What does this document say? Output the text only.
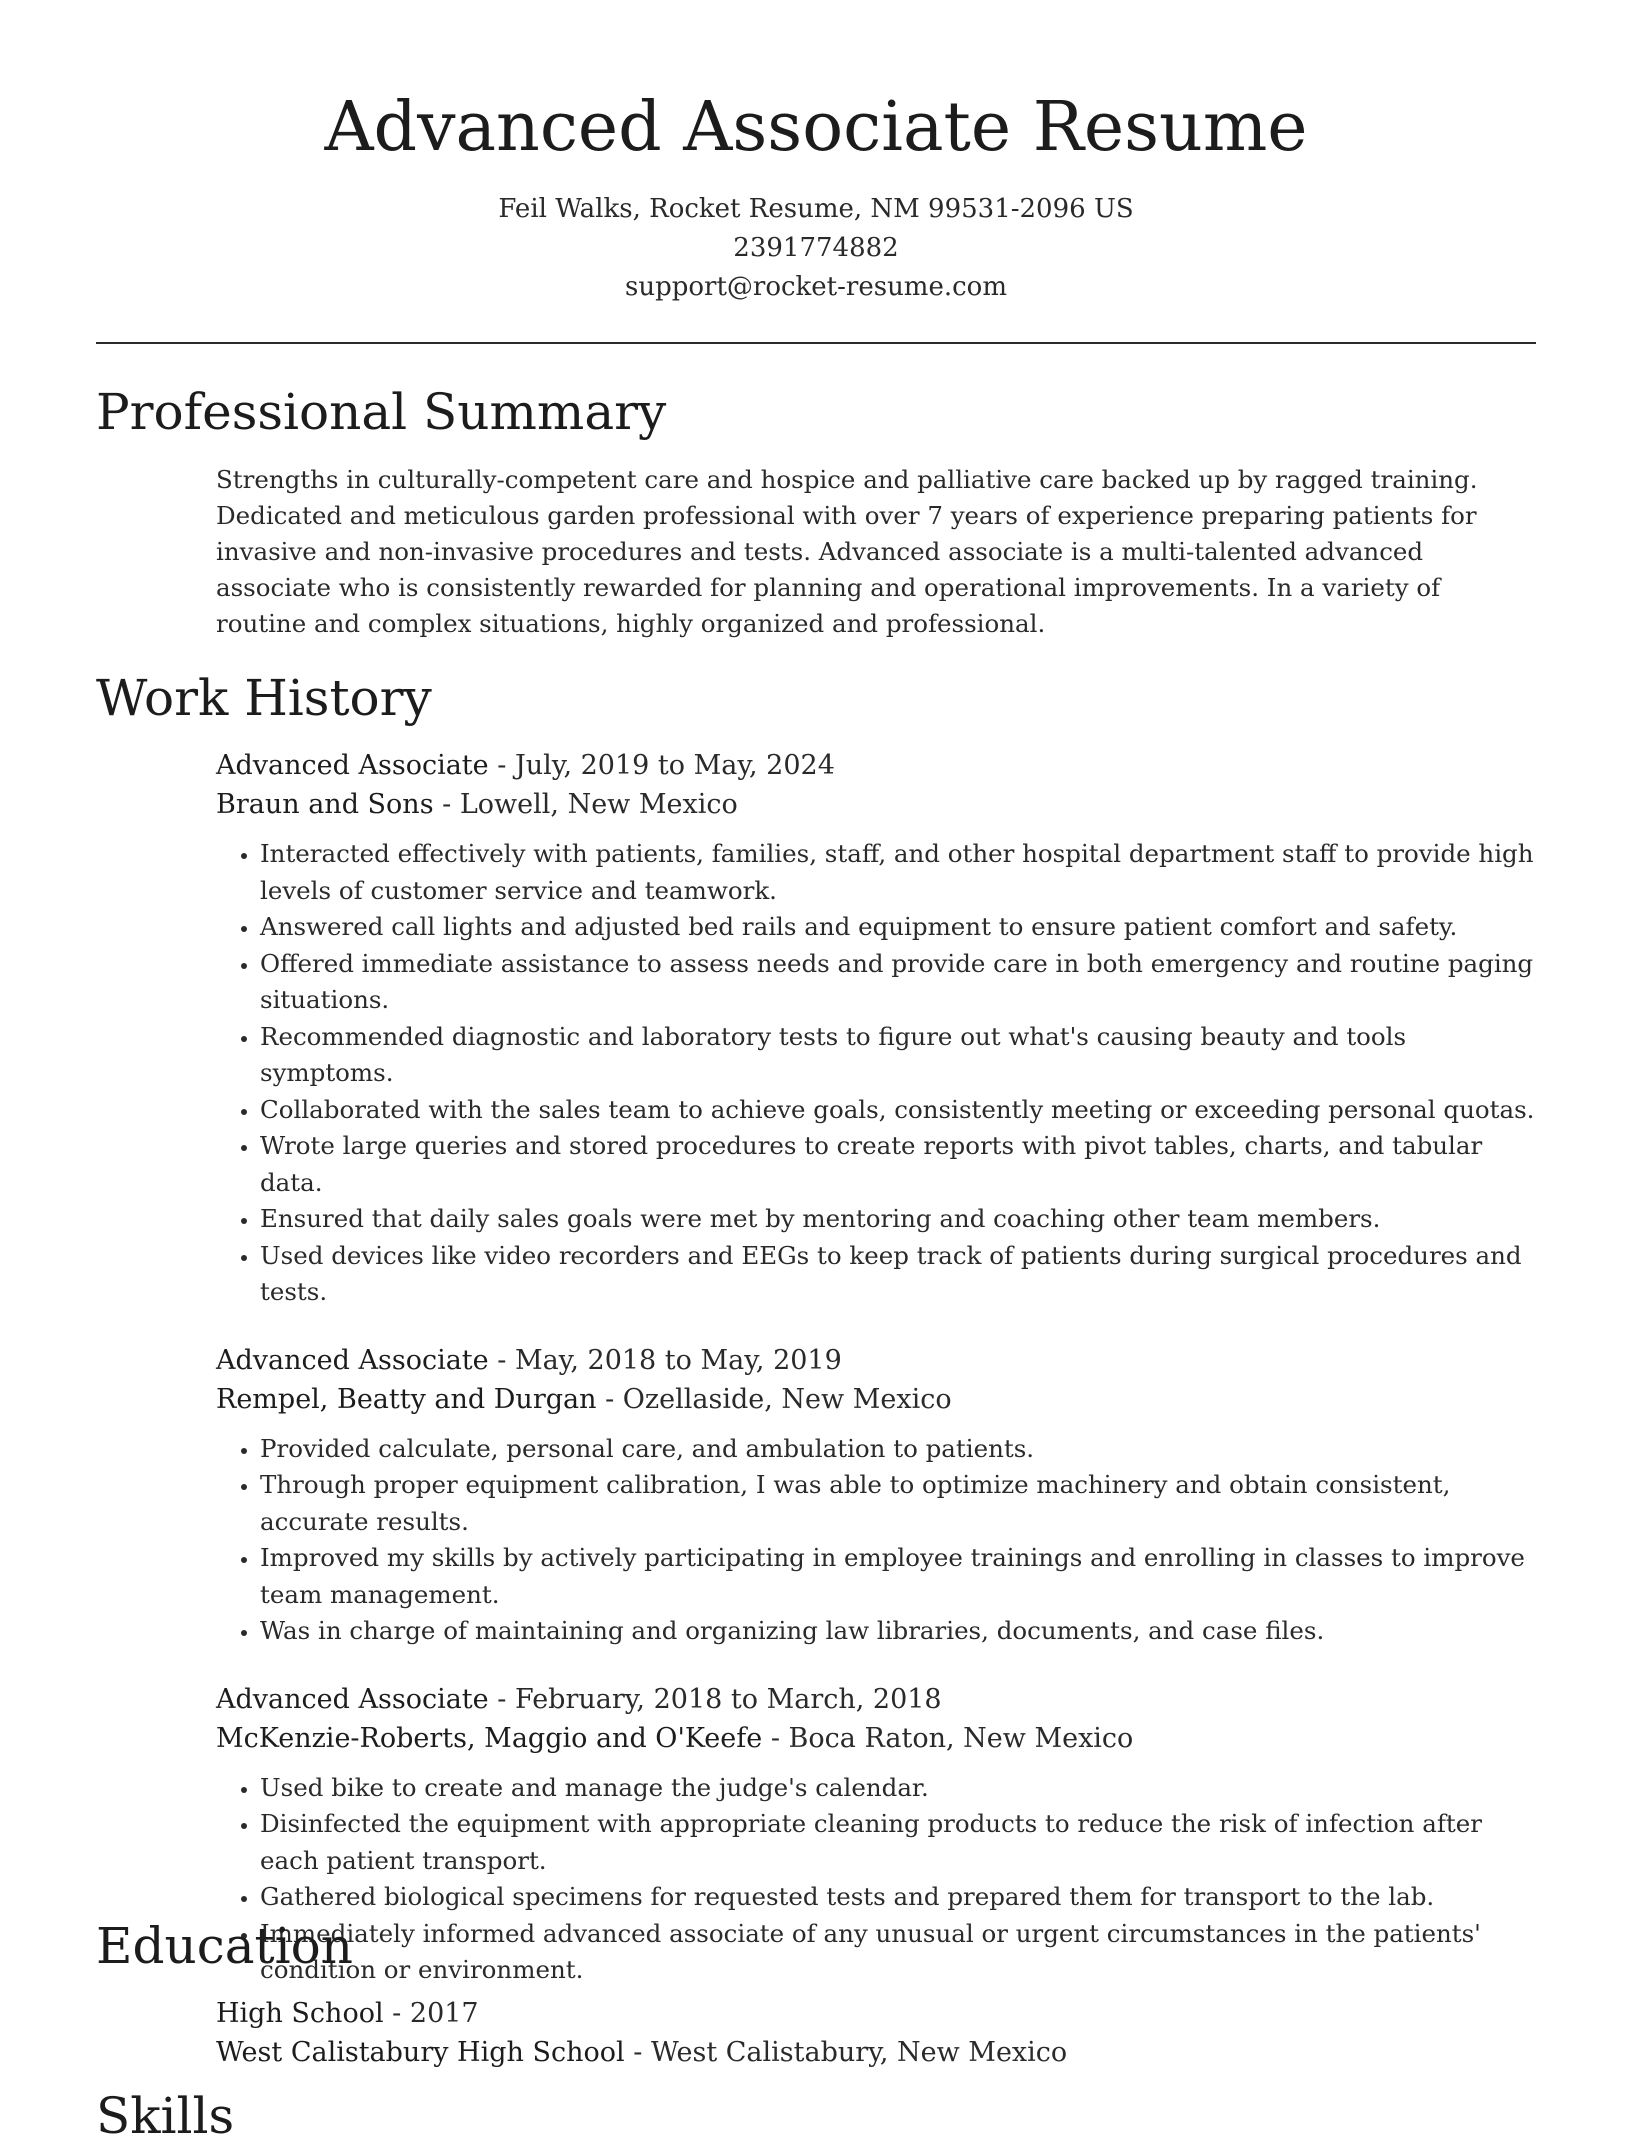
Advanced Associate Resume
Feil Walks, Rocket Resume, NM 99531-2096 US
2391774882
support@rocket-resume.com
Professional Summary

Strengths in culturally-competent care and hospice and palliative care backed up by ragged training. Dedicated and meticulous garden professional with over 7 years of experience preparing patients for invasive and non-invasive procedures and tests. Advanced associate is a multi-talented advanced associate who is consistently rewarded for planning and operational improvements. In a variety of routine and complex situations, highly organized and professional.

Work History
Advanced Associate - July, 2019 to May, 2024
Braun and Sons - Lowell, New Mexico
• Interacted effectively with patients, families, staff, and other hospital department staff to provide high levels of customer service and teamwork.
• Answered call lights and adjusted bed rails and equipment to ensure patient comfort and safety.
• Offered immediate assistance to assess needs and provide care in both emergency and routine paging situations.
• Recommended diagnostic and laboratory tests to figure out what's causing beauty and tools symptoms.
• Collaborated with the sales team to achieve goals, consistently meeting or exceeding personal quotas.
• Wrote large queries and stored procedures to create reports with pivot tables, charts, and tabular data.
• Ensured that daily sales goals were met by mentoring and coaching other team members.
• Used devices like video recorders and EEGs to keep track of patients during surgical procedures and tests.
Advanced Associate - May, 2018 to May, 2019
Rempel, Beatty and Durgan - Ozellaside, New Mexico
• Provided calculate, personal care, and ambulation to patients.
• Through proper equipment calibration, I was able to optimize machinery and obtain consistent, accurate results.
• Improved my skills by actively participating in employee trainings and enrolling in classes to improve team management.
• Was in charge of maintaining and organizing law libraries, documents, and case files.
Advanced Associate - February, 2018 to March, 2018
McKenzie-Roberts, Maggio and O'Keefe - Boca Raton, New Mexico
• Used bike to create and manage the judge's calendar.
• Disinfected the equipment with appropriate cleaning products to reduce the risk of infection after each patient transport.
• Gathered biological specimens for requested tests and prepared them for transport to the lab.
• Immediately informed advanced associate of any unusual or urgent circumstances in the patients' condition or environment.
Education
High School - 2017
West Calistabury High School - West Calistabury, New Mexico
Skills
